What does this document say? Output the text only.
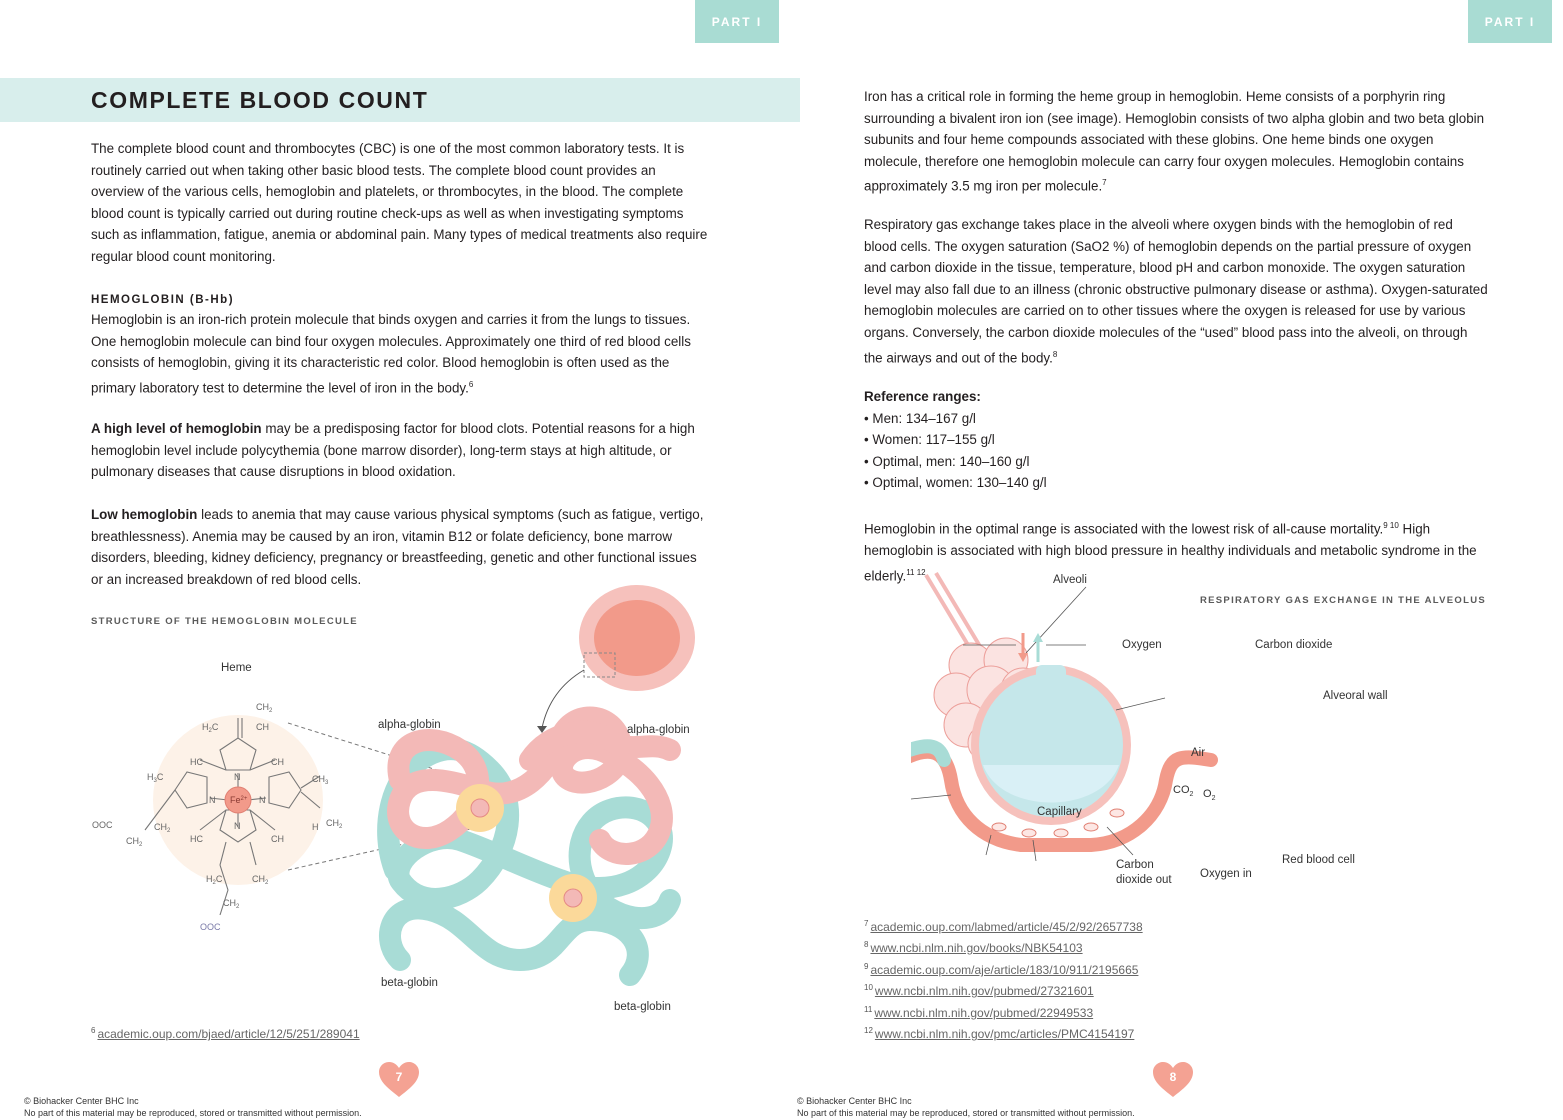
PART I
COMPLETE BLOOD COUNT

The complete blood count and thrombocytes (CBC) is one of the most common laboratory tests. It is routinely carried out when taking other basic blood tests. The complete blood count provides an overview of the various cells, hemoglobin and platelets, or thrombocytes, in the blood. The complete blood count is typically carried out during routine check-ups as well as when investigating symptoms such as inflammation, fatigue, anemia or abdominal pain. Many types of medical treatments also require regular blood count monitoring.

HEMOGLOBIN (B-Hb)

Hemoglobin is an iron-rich protein molecule that binds oxygen and carries it from the lungs to tissues. One hemoglobin molecule can bind four oxygen molecules. Approximately one third of red blood cells consists of hemoglobin, giving it its characteristic red color. Blood hemoglobin is often used as the primary laboratory test to determine the level of iron in the body.$^6$

A high level of hemoglobin may be a predisposing factor for blood clots. Potential reasons for a high hemoglobin level include polycythemia (bone marrow disorder), long-term stays at high altitude, or pulmonary diseases that cause disruptions in blood oxidation.

Low hemoglobin leads to anemia that may cause various physical symptoms (such as fatigue, vertigo, breathlessness). Anemia may be caused by an iron, vitamin B12 or folate deficiency, bone marrow disorders, bleeding, kidney deficiency, pregnancy or breastfeeding, genetic and other functional issues or an increased breakdown of red blood cells.

STRUCTURE OF THE HEMOGLOBIN MOLECULE
$CH_2$
$H_2C$	CH
HC	CH
N
$H_3C$	$CH_3$
N	N
$Fe^{2+}$
N
OOC	$CH_2$
$CH_2$
HC	CH
H $CH_2$
$H_2C$	$CH_2$
$CH_2$
OOC
Heme
alpha-globin	alpha-globin
beta-globin
beta-globin
$^6$ academic.oup.com/bjaed/article/12/5/251/289041
7
© Biohacker Center BHC Inc
No part of this material may be reproduced, stored or transmitted without permission.
PART I

Iron has a critical role in forming the heme group in hemoglobin. Heme consists of a porphyrin ring surrounding a bivalent iron ion (see image). Hemoglobin consists of two alpha globin and two beta globin subunits and four heme compounds associated with these globins. One heme binds one oxygen molecule, therefore one hemoglobin molecule can carry four oxygen molecules. Hemoglobin contains approximately 3.5 mg iron per molecule.$^7$

Respiratory gas exchange takes place in the alveoli where oxygen binds with the hemoglobin of red blood cells. The oxygen saturation (SaO2 %) of hemoglobin depends on the partial pressure of oxygen and carbon dioxide in the tissue, temperature, blood pH and carbon monoxide. The oxygen saturation level may also fall due to an illness (chronic obstructive pulmonary disease or asthma). Oxygen-saturated hemoglobin molecules are carried on to other tissues where the oxygen is released for use by various organs. Conversely, the carbon dioxide molecules of the “used” blood pass into the alveoli, on through the airways and out of the body.$^8$

Reference ranges:
• Men: 134–167 g/l
• Women: 117–155 g/l
• Optimal, men: 140–160 g/l
• Optimal, women: 130–140 g/l

Hemoglobin in the optimal range is associated with the lowest risk of all-cause mortality.$^{9 10}$ High hemoglobin is associated with high blood pressure in healthy individuals and metabolic syndrome in the elderly.$^{11 12}$

RESPIRATORY GAS EXCHANGE IN THE ALVEOLUS
Alveoli
Oxygen	Carbon dioxide
Alveoral wall
Air
$CO_2$ $O_2$
Capillary
Carbon
dioxide out Oxygen in
Red blood cell
$^7$ academic.oup.com/labmed/article/45/2/92/2657738
$^8$ www.ncbi.nlm.nih.gov/books/NBK54103
$^9$ academic.oup.com/aje/article/183/10/911/2195665
$^{10}$ www.ncbi.nlm.nih.gov/pubmed/27321601
$^{11}$ www.ncbi.nlm.nih.gov/pubmed/22949533
$^{12}$ www.ncbi.nlm.nih.gov/pmc/articles/PMC4154197
8
© Biohacker Center BHC Inc
No part of this material may be reproduced, stored or transmitted without permission.
